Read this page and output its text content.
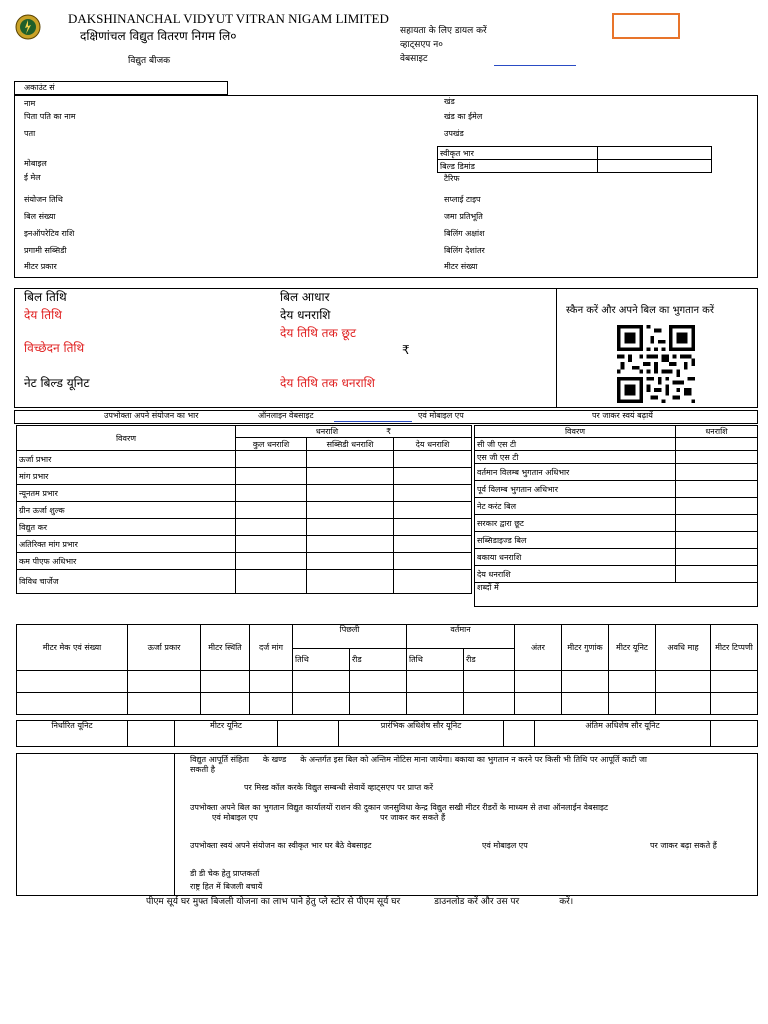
DAKSHINANCHAL VIDYUT VITRAN NIGAM LIMITED
दक्षिणांचल विद्युत वितरण निगम लि०
विद्युत बीजक
सहायता के लिए डायल करें
व्हाट्सएप न०
वेबसाइट
अकाउंट सं
नाम
पिता पति का नाम
पता
मोबाइल
ई मेल
संयोजन तिथि
बिल संख्या
इनऑपरेटिव राशि
प्रगामी सब्सिडी
मीटर प्रकार
खंड
खंड का ईमेल
उपखंड
स्वीकृत भार	
बिल्ड डिमांड	
टैरिफ
सप्लाई टाइप
जमा प्रतिभूति
बिलिंग अक्षांश
बिलिंग देशांतर
मीटर संख्या
बिल तिथि
देय तिथि
विच्छेदन तिथि
नेट बिल्ड यूनिट
बिल आधार
देय धनराशि
देय तिथि तक छूट
₹
देय तिथि तक धनराशि
स्कैन करें और अपने बिल का भुगतान करें
उपभोक्ता अपने संयोजन का भार	ऑनलाइन वेबसाइट	एवं मोबाइल एप	पर जाकर स्वयं बढ़ायें
विवरण	धनराशि ₹		
	कुल धनराशि	सब्सिडी धनराशि	देय धनराशि
ऊर्जा प्रभार			
मांग प्रभार			
न्यूनतम प्रभार			
ग्रीन ऊर्जा शुल्क			
विद्युत कर			
अतिरिक्त मांग प्रभार			
कम पीएफ अधिभार			
विविध चार्जेज			
विवरण	धनराशि
सी जी एस टी	
एस जी एस टी	
वर्तमान विलम्ब भुगतान अधिभार	
पूर्व विलम्ब भुगतान अधिभार	
नेट करंट बिल	
सरकार द्वारा छूट	
सब्सिडाइज्ड बिल	
बकाया धनराशि	
देय धनराशि	
शब्दों में	
मीटर मेक एवं संख्या	ऊर्जा प्रकार	मीटर स्थिति	दर्ज मांग	पिछली		वर्तमान		अंतर	मीटर गुणांक	मीटर यूनिट	अवधि माह	मीटर टिप्पणी
				तिथि	रीड	तिथि	रीड					

निर्धारित यूनिट		मीटर यूनिट		प्रारंभिक अधिशेष सौर यूनिट		अंतिम अधिशेष सौर यूनिट	
विद्युत आपूर्ति संहिता के खण्ड के अन्तर्गत इस बिल को अन्तिम नोटिस माना जायेगा। बकाया का भुगतान न करने पर किसी भी तिथि पर आपूर्ति काटी जा
सकती है
पर मिस्ड कॉल करके विद्युत सम्बन्धी सेवायें व्हाट्सएप पर प्राप्त करें
उपभोक्ता अपने बिल का भुगतान विद्युत कार्यालयों राशन की दुकान जनसुविधा केन्द्र विद्युत सखी मीटर रीडरों के माध्यम से तथा ऑनलाईन वेबसाइट
एवं मोबाइल एप	पर जाकर कर सकते हैं
उपभोक्ता स्वयं अपने संयोजन का स्वीकृत भार घर बैठे वेबसाइट	एवं मोबाइल एप	पर जाकर बढ़ा सकते हैं
डी डी चेक हेतु प्राप्तकर्ता
राष्ट्र हित में बिजली बचायें
पीएम सूर्य घर मुफ्त बिजली योजना का लाभ पाने हेतु प्ले स्टोर से पीएम सूर्य घर	डाउनलोड करें और उस पर	करें।
